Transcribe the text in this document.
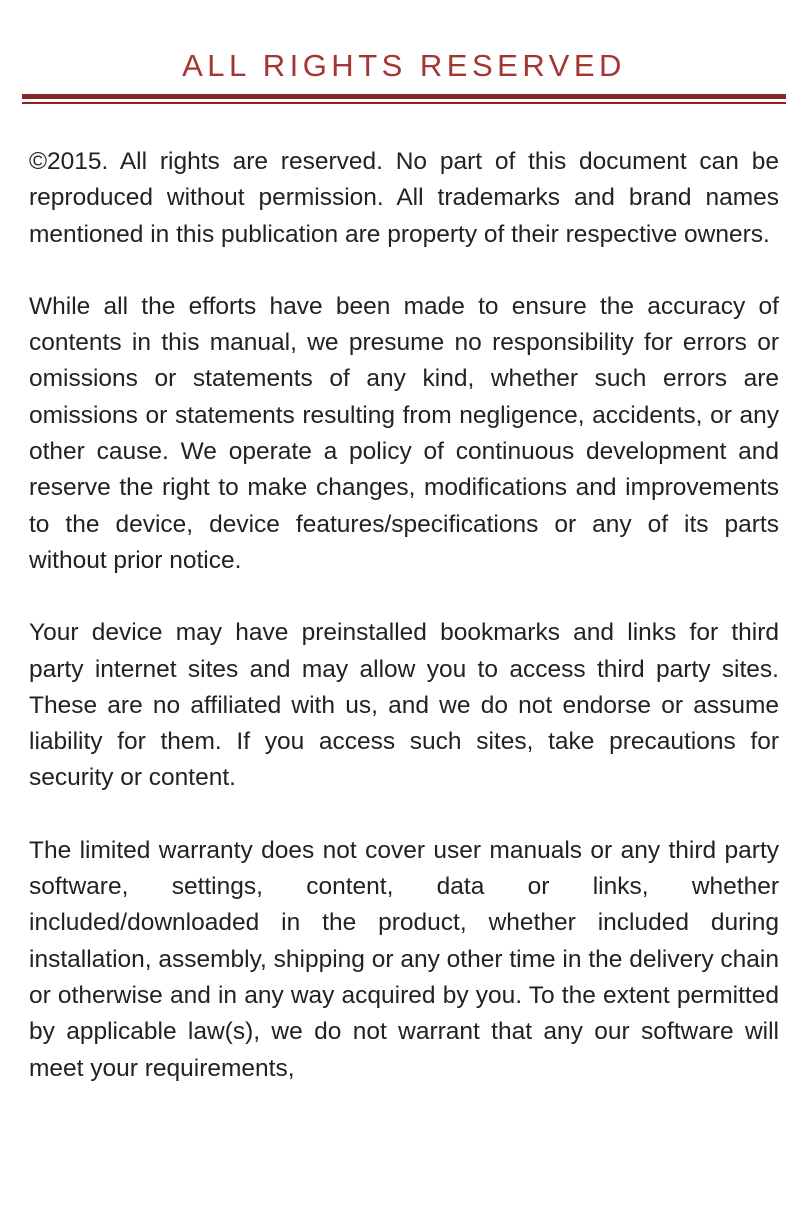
ALL RIGHTS RESERVED

©2015. All rights are reserved. No part of this document can be reproduced without permission. All trademarks and brand names mentioned in this publication are property of their respective owners.

While all the efforts have been made to ensure the accuracy of contents in this manual, we presume no responsibility for errors or omissions or statements of any kind, whether such errors are omissions or statements resulting from negligence, accidents, or any other cause. We operate a policy of continuous development and reserve the right to make changes, modifications and improvements to the device, device features/specifications or any of its parts without prior notice.

Your device may have preinstalled bookmarks and links for third party internet sites and may allow you to access third party sites. These are no affiliated with us, and we do not endorse or assume liability for them. If you access such sites, take precautions for security or content.

The limited warranty does not cover user manuals or any third party software, settings, content, data or links, whether included/downloaded in the product, whether included during installation, assembly, shipping or any other time in the delivery chain or otherwise and in any way acquired by you. To the extent permitted by applicable law(s), we do not warrant that any our software will meet your requirements,
